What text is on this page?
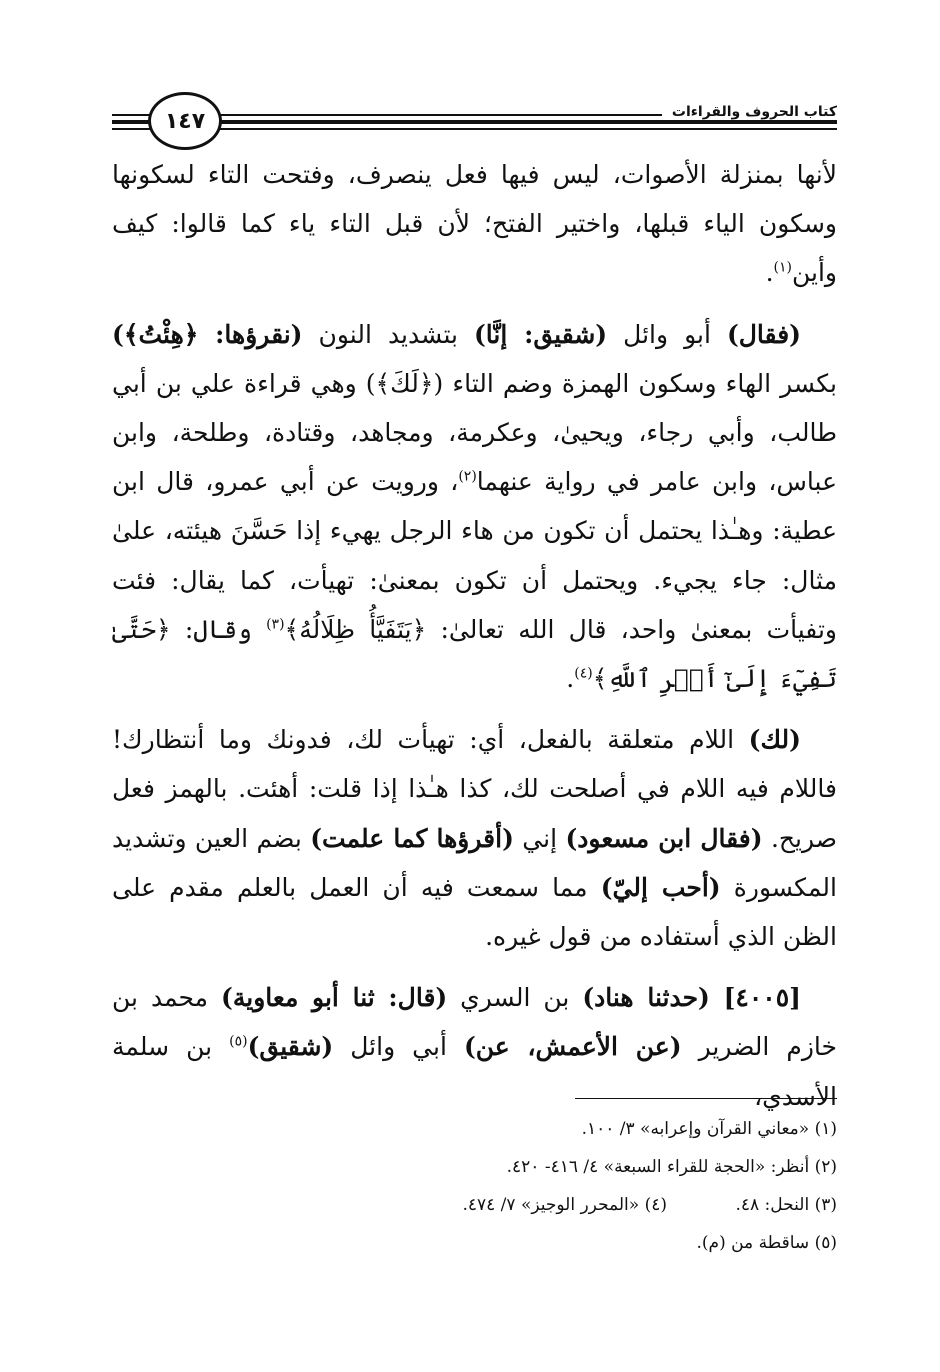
كتاب الحروف والقراءات
١٤٧

لأنها بمنزلة الأصوات، ليس فيها فعل ينصرف، وفتحت التاء لسكونها وسكون الياء قبلها، واختير الفتح؛ لأن قبل التاء ياء كما قالوا: كيف وأين$^{(١)}$.

(فقال) أبو وائل (شقيق: إنَّا) بتشديد النون (نقرؤها: ﴿هِئْتُ﴾) بكسر الهاء وسكون الهمزة وضم التاء (﴿لَكَ﴾) وهي قراءة علي بن أبي طالب، وأبي رجاء، ويحيىٰ، وعكرمة، ومجاهد، وقتادة، وطلحة، وابن عباس، وابن عامر في رواية عنهما$^{(٢)}$، ورويت عن أبي عمرو، قال ابن عطية: وهـٰذا يحتمل أن تكون من هاء الرجل يهيء إذا حَسَّنَ هيئته، علىٰ مثال: جاء يجيء. ويحتمل أن تكون بمعنىٰ: تهيأت، كما يقال: فئت وتفيأت بمعنىٰ واحد، قال الله تعالىٰ: ﴿يَتَفَيَّأُ ظِلَالُهُ﴾$^{(٣)}$ وقال: ﴿حَتَّىٰ تَفِيٓءَ إِلَىٰٓ أَمۡرِ ٱللَّهِ﴾$^{(٤)}$.

(لك) اللام متعلقة بالفعل، أي: تهيأت لك، فدونك وما أنتظارك! فاللام فيه اللام في أصلحت لك، كذا هـٰذا إذا قلت: أهئت. بالهمز فعل صريح. (فقال ابن مسعود) إني (أقرؤها كما علمت) بضم العين وتشديد المكسورة (أحب إليّ) مما سمعت فيه أن العمل بالعلم مقدم على الظن الذي أستفاده من قول غيره.

[٤٠٠٥] (حدثنا هناد) بن السري (قال: ثنا أبو معاوية) محمد بن خازم الضرير (عن الأعمش، عن) أبي وائل (شقيق)$^{(٥)}$ بن سلمة الأسدي،

(١) «معاني القرآن وإعرابه» ٣/ ١٠٠.
(٢) أنظر: «الحجة للقراء السبعة» ٤/ ٤١٦- ٤٢٠.
(٣) النحل: ٤٨.
(٤) «المحرر الوجيز» ٧/ ٤٧٤.
(٥) ساقطة من (م).
